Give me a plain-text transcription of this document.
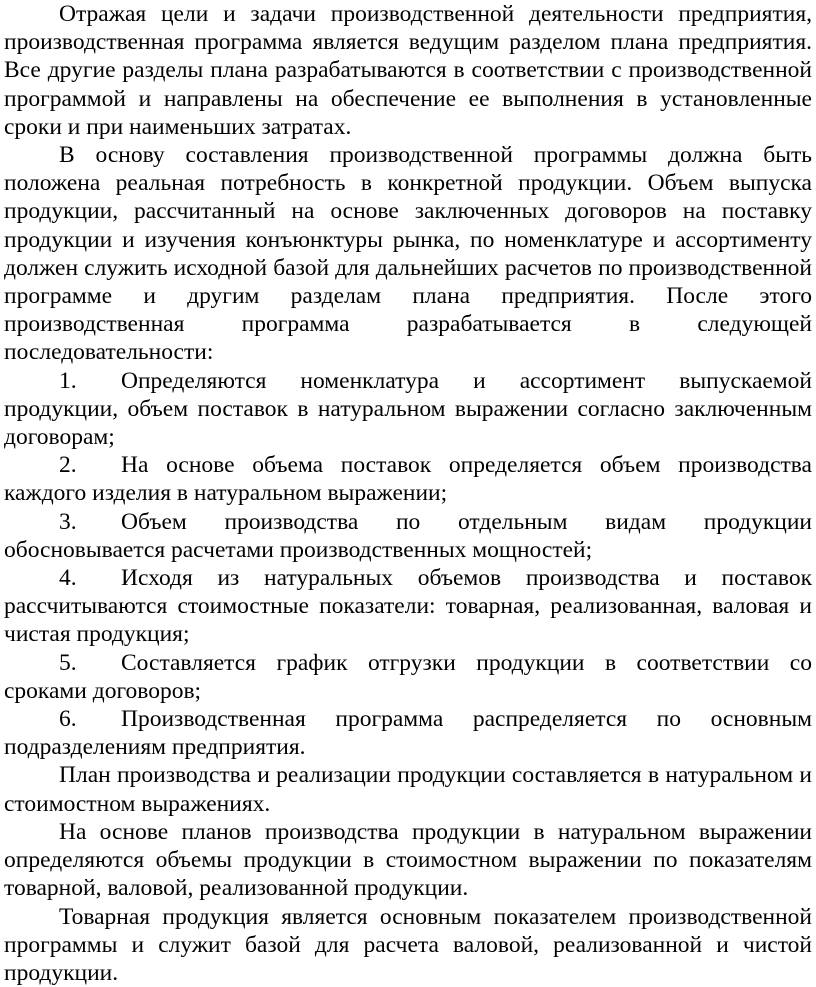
Отражая цели и задачи производственной деятельности предприятия, производственная программа является ведущим разделом плана предприятия. Все другие разделы плана разрабатываются в соответствии с производственной программой и направлены на обеспечение ее выполнения в установленные сроки и при наименьших затратах.

В основу составления производственной программы должна быть положена реальная потребность в конкретной продукции. Объем выпуска продукции, рассчитанный на основе заключенных договоров на поставку продукции и изучения конъюнктуры рынка, по номенклатуре и ассортименту должен служить исходной базой для дальнейших расчетов по производственной программе и другим разделам плана предприятия. После этого производственная программа разрабатывается в следующей последовательности:

1. Определяются номенклатура и ассортимент выпускаемой продукции, объем поставок в натуральном выражении согласно заключенным договорам;

2. На основе объема поставок определяется объем производства каждого изделия в натуральном выражении;

3. Объем производства по отдельным видам продукции обосновывается расчетами производственных мощностей;

4. Исходя из натуральных объемов производства и поставок рассчитываются стоимостные показатели: товарная, реализованная, валовая и чистая продукция;

5. Составляется график отгрузки продукции в соответствии со сроками договоров;

6. Производственная программа распределяется по основным подразделениям предприятия.

План производства и реализации продукции составляется в натуральном и стоимостном выражениях.

На основе планов производства продукции в натуральном выражении определяются объемы продукции в стоимостном выражении по показателям товарной, валовой, реализованной продукции.

Товарная продукция является основным показателем производственной программы и служит базой для расчета валовой, реализованной и чистой продукции.
